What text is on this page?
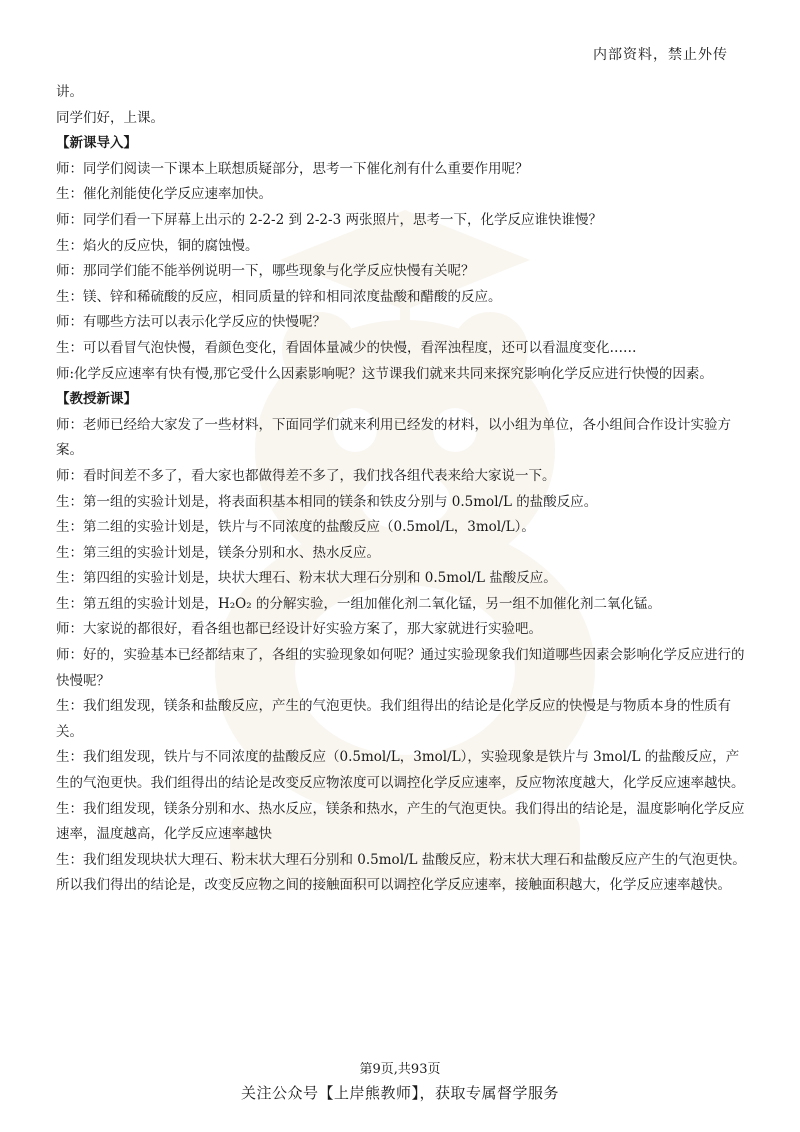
内部资料，禁止外传

讲。

同学们好，上课。

【新课导入】

师：同学们阅读一下课本上联想质疑部分，思考一下催化剂有什么重要作用呢？

生：催化剂能使化学反应速率加快。

师：同学们看一下屏幕上出示的 2-2-2 到 2-2-3 两张照片，思考一下，化学反应谁快谁慢？

生：焰火的反应快，铜的腐蚀慢。

师：那同学们能不能举例说明一下，哪些现象与化学反应快慢有关呢？

生：镁、锌和稀硫酸的反应，相同质量的锌和相同浓度盐酸和醋酸的反应。

师：有哪些方法可以表示化学反应的快慢呢？

生：可以看冒气泡快慢，看颜色变化，看固体量减少的快慢，看浑浊程度，还可以看温度变化……

师:化学反应速率有快有慢,那它受什么因素影响呢？这节课我们就来共同来探究影响化学反应进行快慢的因素。

【教授新课】

师：老师已经给大家发了一些材料，下面同学们就来利用已经发的材料，以小组为单位，各小组间合作设计实验方案。

师：看时间差不多了，看大家也都做得差不多了，我们找各组代表来给大家说一下。

生：第一组的实验计划是，将表面积基本相同的镁条和铁皮分别与 0.5mol/L 的盐酸反应。

生：第二组的实验计划是，铁片与不同浓度的盐酸反应（0.5mol/L，3mol/L）。

生：第三组的实验计划是，镁条分别和水、热水反应。

生：第四组的实验计划是，块状大理石、粉末状大理石分别和 0.5mol/L 盐酸反应。

生：第五组的实验计划是，H₂O₂ 的分解实验，一组加催化剂二氧化锰，另一组不加催化剂二氧化锰。

师：大家说的都很好，看各组也都已经设计好实验方案了，那大家就进行实验吧。

师：好的，实验基本已经都结束了，各组的实验现象如何呢？通过实验现象我们知道哪些因素会影响化学反应进行的快慢呢？

生：我们组发现，镁条和盐酸反应，产生的气泡更快。我们组得出的结论是化学反应的快慢是与物质本身的性质有关。

生：我们组发现，铁片与不同浓度的盐酸反应（0.5mol/L，3mol/L），实验现象是铁片与 3mol/L 的盐酸反应，产生的气泡更快。我们组得出的结论是改变反应物浓度可以调控化学反应速率，反应物浓度越大，化学反应速率越快。

生：我们组发现，镁条分别和水、热水反应，镁条和热水，产生的气泡更快。我们得出的结论是，温度影响化学反应速率，温度越高，化学反应速率越快

生：我们组发现块状大理石、粉末状大理石分别和 0.5mol/L 盐酸反应，粉末状大理石和盐酸反应产生的气泡更快。所以我们得出的结论是，改变反应物之间的接触面积可以调控化学反应速率，接触面积越大，化学反应速率越快。

第9页,共93页
关注公众号【上岸熊教师】，获取专属督学服务
